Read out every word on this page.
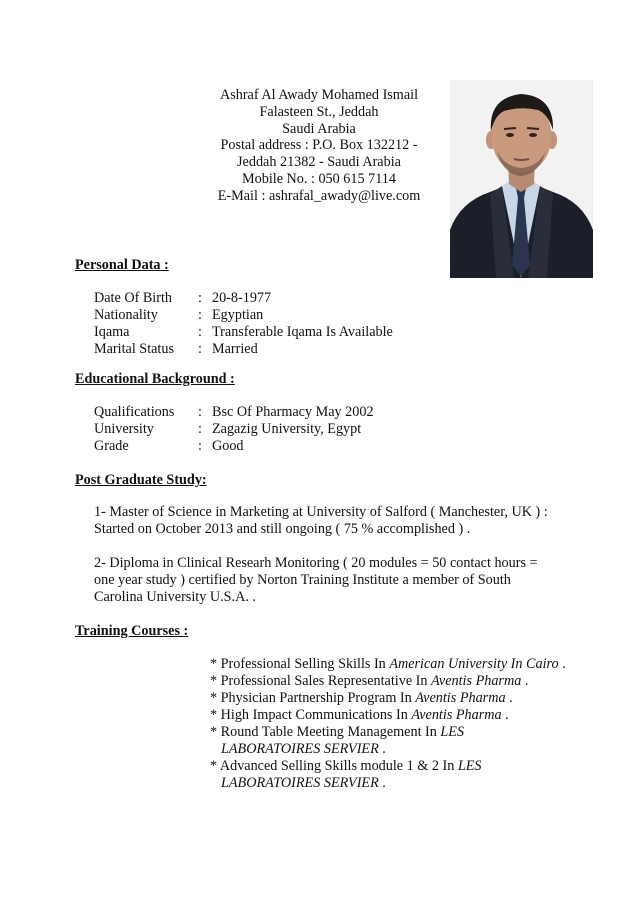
Ashraf Al Awady Mohamed Ismail
Falasteen St., Jeddah
Saudi Arabia
Postal address : P.O. Box 132212 -
Jeddah 21382 - Saudi Arabia
Mobile No. : 050 615 7114
E-Mail : ashrafal_awady@live.com
Personal Data :
Date Of Birth : 20-8-1977
Nationality	: Egyptian
Iqama	: Transferable Iqama Is Available
Marital Status : Married
Educational Background :
Qualifications : Bsc Of Pharmacy May 2002
University	: Zagazig University, Egypt
Grade	: Good
Post Graduate Study:
1- Master of Science in Marketing at University of Salford ( Manchester, UK ) :
Started on October 2013 and still ongoing ( 75 % accomplished ) .
2- Diploma in Clinical Researh Monitoring ( 20 modules = 50 contact hours =
one year study ) certified by Norton Training Institute a member of South
Carolina University U.S.A. .
Training Courses :
* Professional Selling Skills In American University In Cairo .
* Professional Sales Representative In Aventis Pharma .
* Physician Partnership Program In Aventis Pharma .
* High Impact Communications In Aventis Pharma .
* Round Table Meeting Management In LES
LABORATOIRES SERVIER .
* Advanced Selling Skills module 1 & 2 In LES
LABORATOIRES SERVIER .
